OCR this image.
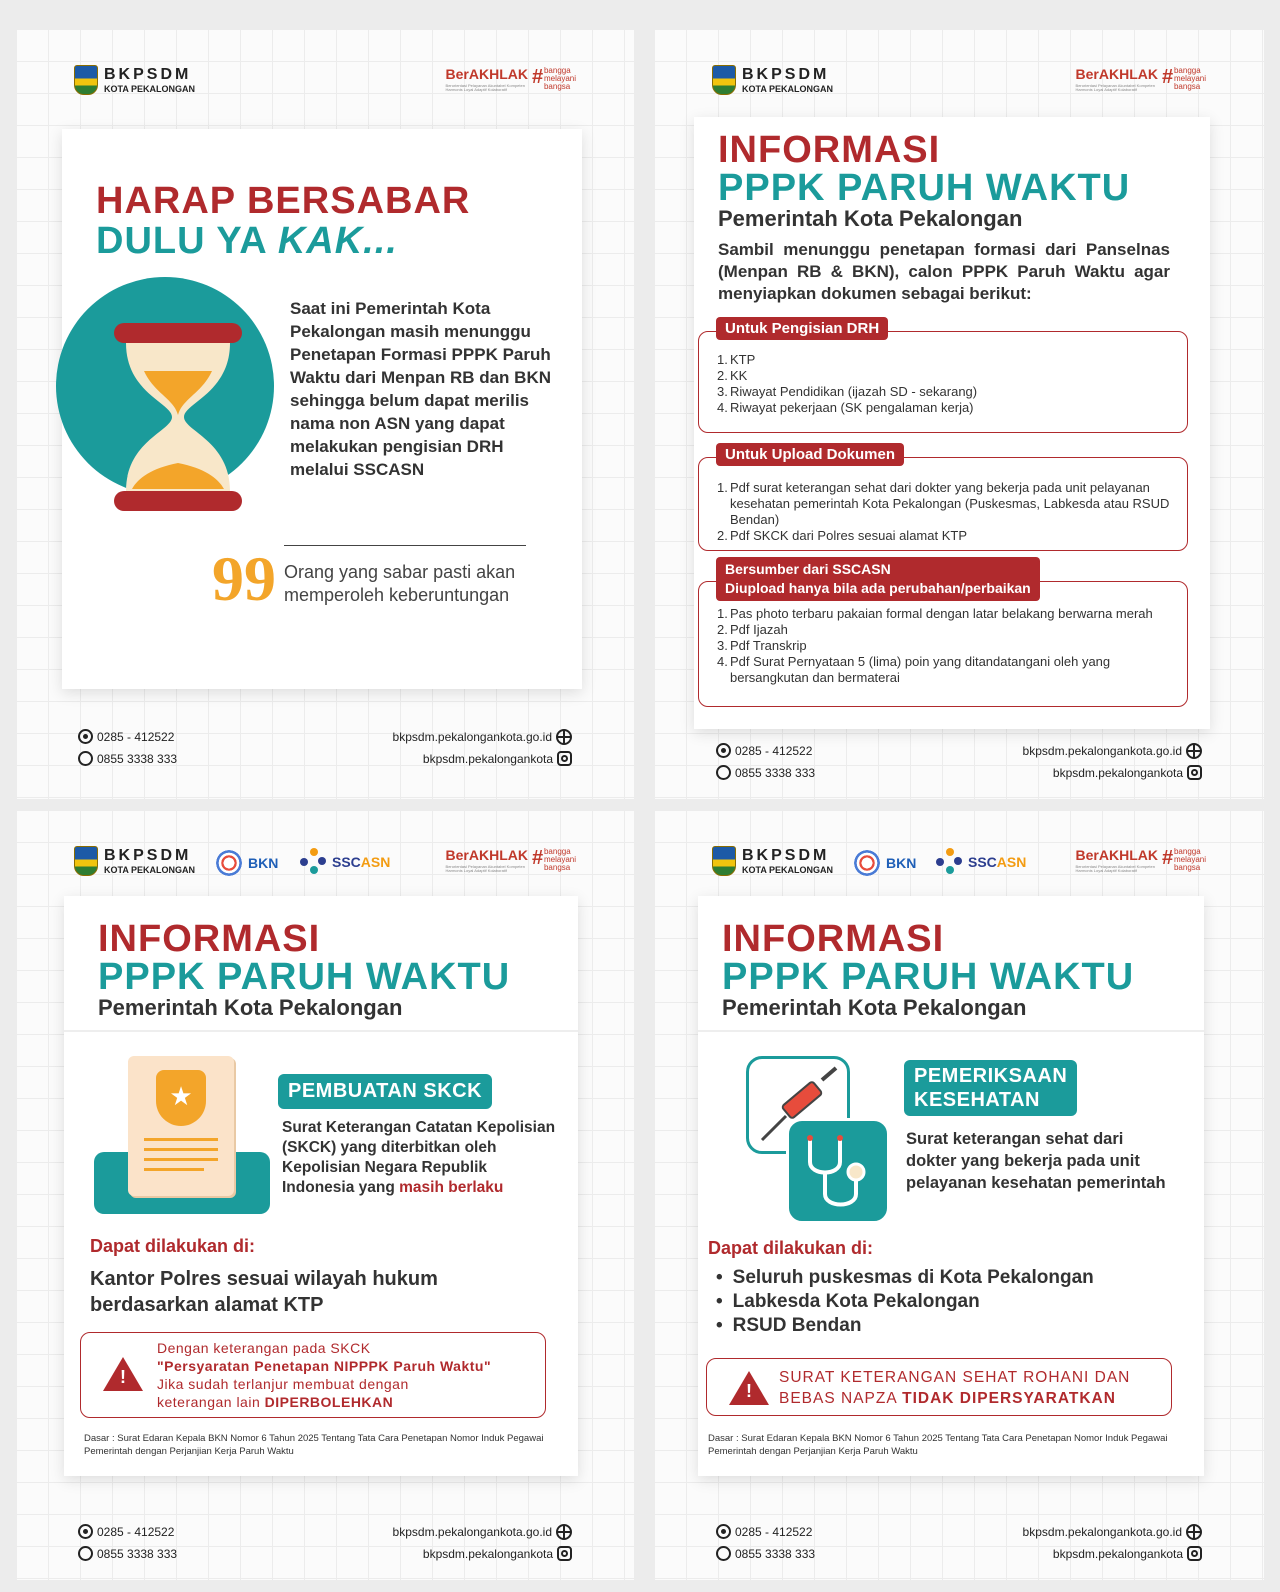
BKPSDM
KOTA PEKALONGAN
BerAKHLAK
Berorientasi Pelayanan Akuntabel Kompeten Harmonis Loyal Adaptif Kolaboratif
# bangga
melayani
bangsa
HARAP BERSABAR
DULU YA KAK...
Saat ini Pemerintah Kota Pekalongan masih menunggu Penetapan Formasi PPPK Paruh Waktu dari Menpan RB dan BKN sehingga belum dapat merilis nama non ASN yang dapat melakukan pengisian DRH melalui SSCASN
99 Orang yang sabar pasti akan memperoleh keberuntungan
0285 - 412522
0855 3338 333
bkpsdm.pekalongankota.go.id
bkpsdm.pekalongankota
BKPSDM
KOTA PEKALONGAN
BerAKHLAK
Berorientasi Pelayanan Akuntabel Kompeten Harmonis Loyal Adaptif Kolaboratif
# bangga
melayani
bangsa
INFORMASI
PPPK PARUH WAKTU
Pemerintah Kota Pekalongan
Sambil menunggu penetapan formasi dari Panselnas (Menpan RB & BKN), calon PPPK Paruh Waktu agar menyiapkan dokumen sebagai berikut:
1. KTP
2. KK
3. Riwayat Pendidikan (ijazah SD - sekarang)
4. Riwayat pekerjaan (SK pengalaman kerja)
Untuk Pengisian DRH
1. Pdf surat keterangan sehat dari dokter yang bekerja pada unit pelayanan kesehatan pemerintah Kota Pekalongan (Puskesmas, Labkesda atau RSUD Bendan)
2. Pdf SKCK dari Polres sesuai alamat KTP
Untuk Upload Dokumen
1. Pas photo terbaru pakaian formal dengan latar belakang berwarna merah
2. Pdf Ijazah
3. Pdf Transkrip
4. Pdf Surat Pernyataan 5 (lima) poin yang ditandatangani oleh yang bersangkutan dan bermaterai
Bersumber dari SSCASN
Diupload hanya bila ada perubahan/perbaikan
0285 - 412522
0855 3338 333
bkpsdm.pekalongankota.go.id
bkpsdm.pekalongankota
BKPSDM
KOTA PEKALONGAN	BKN	SSCASN	BerAKHLAK
Berorientasi Pelayanan Akuntabel Kompeten Harmonis Loyal Adaptif Kolaboratif
# bangga
melayani
bangsa
INFORMASI
PPPK PARUH WAKTU
Pemerintah Kota Pekalongan
★	PEMBUATAN SKCK
Surat Keterangan Catatan Kepolisian (SKCK) yang diterbitkan oleh Kepolisian Negara Republik Indonesia yang masih berlaku
Dapat dilakukan di:
Kantor Polres sesuai wilayah hukum berdasarkan alamat KTP
!
Dengan keterangan pada SKCK
"Persyaratan Penetapan NIPPPK Paruh Waktu"
Jika sudah terlanjur membuat dengan
keterangan lain DIPERBOLEHKAN
Dasar : Surat Edaran Kepala BKN Nomor 6 Tahun 2025 Tentang Tata Cara Penetapan Nomor Induk Pegawai Pemerintah dengan Perjanjian Kerja Paruh Waktu
0285 - 412522
0855 3338 333
bkpsdm.pekalongankota.go.id
bkpsdm.pekalongankota
BKPSDM
KOTA PEKALONGAN	BKN	SSCASN	BerAKHLAK
Berorientasi Pelayanan Akuntabel Kompeten Harmonis Loyal Adaptif Kolaboratif
# bangga
melayani
bangsa
INFORMASI
PPPK PARUH WAKTU
Pemerintah Kota Pekalongan
PEMERIKSAAN
KESEHATAN
Surat keterangan sehat dari dokter yang bekerja pada unit pelayanan kesehatan pemerintah
Dapat dilakukan di:
• Seluruh puskesmas di Kota Pekalongan
• Labkesda Kota Pekalongan
• RSUD Bendan
!
SURAT KETERANGAN SEHAT ROHANI DAN
BEBAS NAPZA TIDAK DIPERSYARATKAN
Dasar : Surat Edaran Kepala BKN Nomor 6 Tahun 2025 Tentang Tata Cara Penetapan Nomor Induk Pegawai Pemerintah dengan Perjanjian Kerja Paruh Waktu
0285 - 412522
0855 3338 333
bkpsdm.pekalongankota.go.id
bkpsdm.pekalongankota
